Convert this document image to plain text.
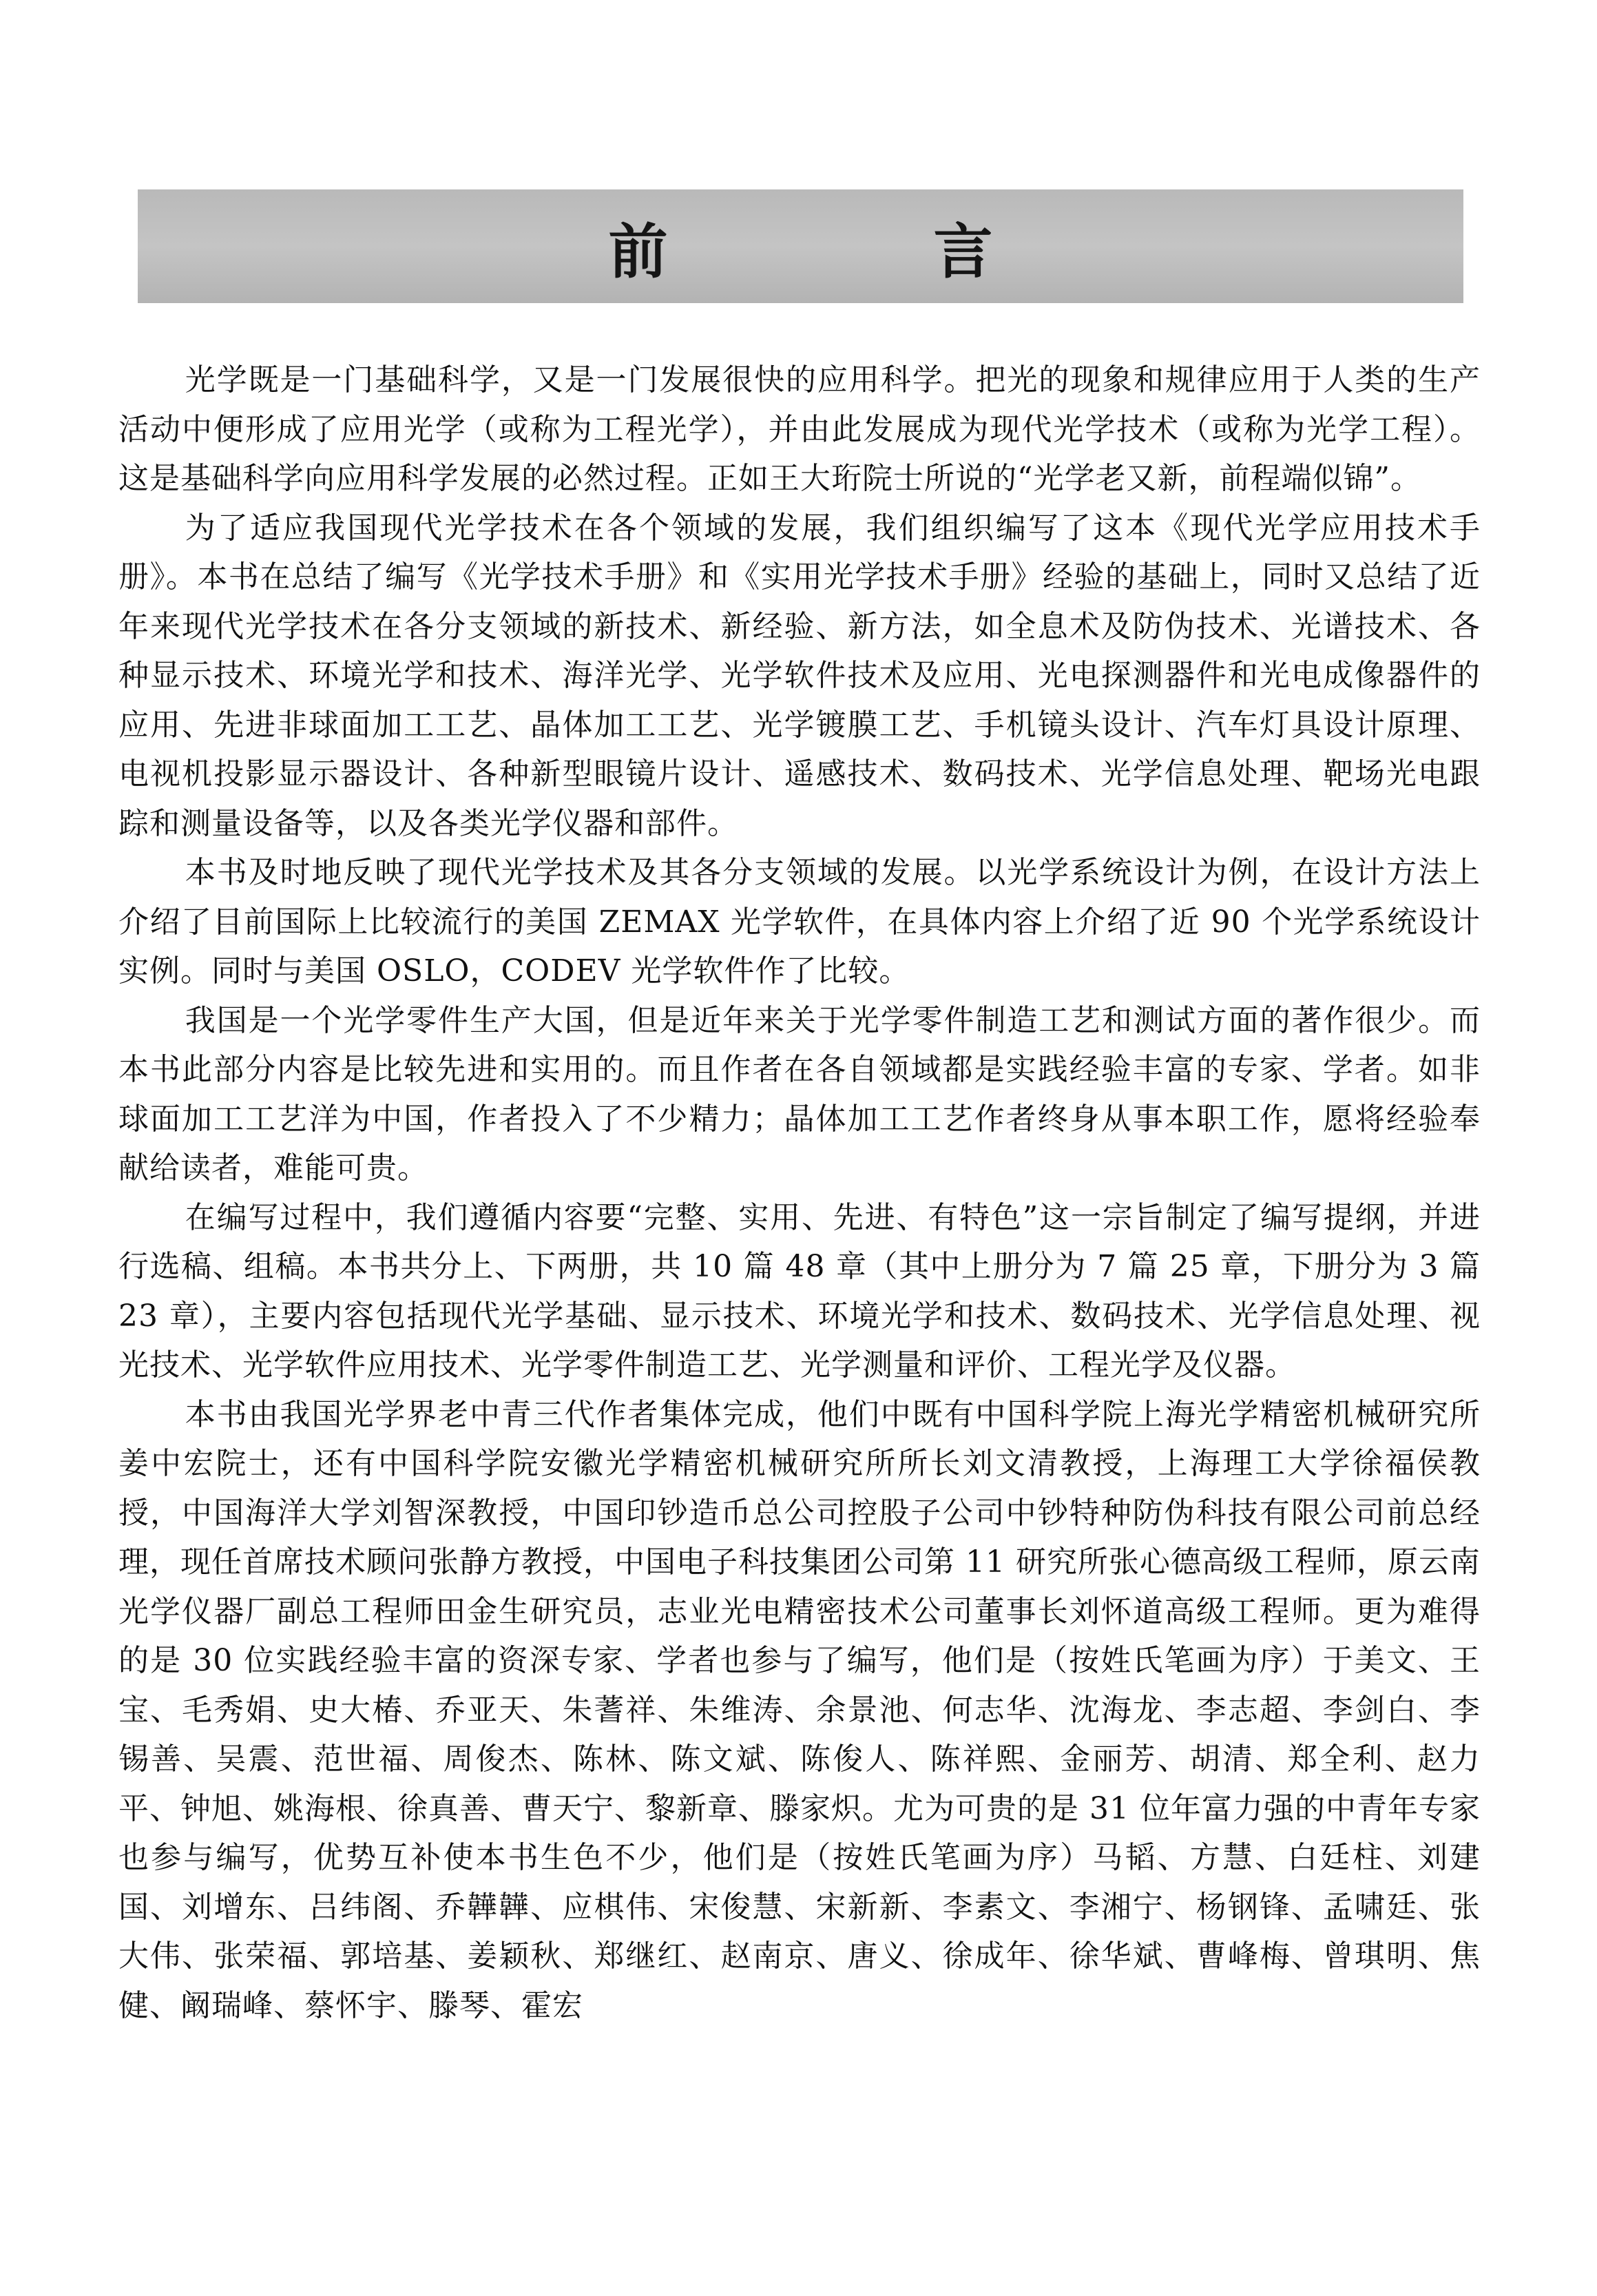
前　言

光学既是一门基础科学，又是一门发展很快的应用科学。把光的现象和规律应用于人类的生产活动中便形成了应用光学（或称为工程光学），并由此发展成为现代光学技术（或称为光学工程）。这是基础科学向应用科学发展的必然过程。正如王大珩院士所说的“光学老又新，前程端似锦”。

为了适应我国现代光学技术在各个领域的发展，我们组织编写了这本《现代光学应用技术手册》。本书在总结了编写《光学技术手册》和《实用光学技术手册》经验的基础上，同时又总结了近年来现代光学技术在各分支领域的新技术、新经验、新方法，如全息术及防伪技术、光谱技术、各种显示技术、环境光学和技术、海洋光学、光学软件技术及应用、光电探测器件和光电成像器件的应用、先进非球面加工工艺、晶体加工工艺、光学镀膜工艺、手机镜头设计、汽车灯具设计原理、电视机投影显示器设计、各种新型眼镜片设计、遥感技术、数码技术、光学信息处理、靶场光电跟踪和测量设备等，以及各类光学仪器和部件。

本书及时地反映了现代光学技术及其各分支领域的发展。以光学系统设计为例，在设计方法上介绍了目前国际上比较流行的美国 ZEMAX 光学软件，在具体内容上介绍了近 90 个光学系统设计实例。同时与美国 OSLO，CODEV 光学软件作了比较。

我国是一个光学零件生产大国，但是近年来关于光学零件制造工艺和测试方面的著作很少。而本书此部分内容是比较先进和实用的。而且作者在各自领域都是实践经验丰富的专家、学者。如非球面加工工艺洋为中国，作者投入了不少精力；晶体加工工艺作者终身从事本职工作，愿将经验奉献给读者，难能可贵。

在编写过程中，我们遵循内容要“完整、实用、先进、有特色”这一宗旨制定了编写提纲，并进行选稿、组稿。本书共分上、下两册，共 10 篇 48 章（其中上册分为 7 篇 25 章，下册分为 3 篇 23 章），主要内容包括现代光学基础、显示技术、环境光学和技术、数码技术、光学信息处理、视光技术、光学软件应用技术、光学零件制造工艺、光学测量和评价、工程光学及仪器。

本书由我国光学界老中青三代作者集体完成，他们中既有中国科学院上海光学精密机械研究所姜中宏院士，还有中国科学院安徽光学精密机械研究所所长刘文清教授，上海理工大学徐福侯教授，中国海洋大学刘智深教授，中国印钞造币总公司控股子公司中钞特种防伪科技有限公司前总经理，现任首席技术顾问张静方教授，中国电子科技集团公司第 11 研究所张心德高级工程师，原云南光学仪器厂副总工程师田金生研究员，志业光电精密技术公司董事长刘怀道高级工程师。更为难得的是 30 位实践经验丰富的资深专家、学者也参与了编写，他们是（按姓氏笔画为序）于美文、王宝、毛秀娟、史大椿、乔亚天、朱蓍祥、朱维涛、余景池、何志华、沈海龙、李志超、李剑白、李锡善、吴震、范世福、周俊杰、陈林、陈文斌、陈俊人、陈祥熙、金丽芳、胡清、郑全利、赵力平、钟旭、姚海根、徐真善、曹天宁、黎新章、滕家炽。尤为可贵的是 31 位年富力强的中青年专家也参与编写，优势互补使本书生色不少，他们是（按姓氏笔画为序）马韬、方慧、白廷柱、刘建国、刘增东、吕纬阁、乔韡韡、应棋伟、宋俊慧、宋新新、李素文、李湘宁、杨钢锋、孟啸廷、张大伟、张荣福、郭培基、姜颖秋、郑继红、赵南京、唐义、徐成年、徐华斌、曹峰梅、曾琪明、焦健、阚瑞峰、蔡怀宇、滕琴、霍宏
